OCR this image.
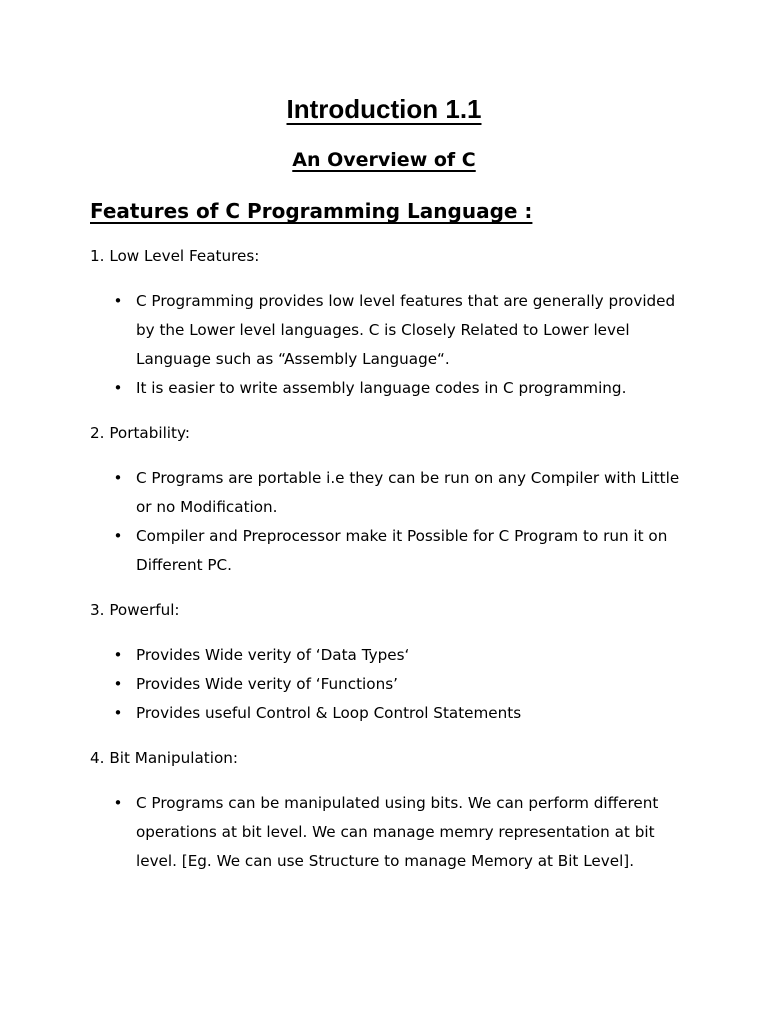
Introduction 1.1
An Overview of C
Features of C Programming Language :

1. Low Level Features:

• C Programming provides low level features that are generally provided by the Lower level languages. C is Closely Related to Lower level Language such as “Assembly Language“.
• It is easier to write assembly language codes in C programming.

2. Portability:

• C Programs are portable i.e they can be run on any Compiler with Little or no Modification.
• Compiler and Preprocessor make it Possible for C Program to run it on Different PC.

3. Powerful:

• Provides Wide verity of ‘Data Types‘
• Provides Wide verity of ‘Functions’
• Provides useful Control & Loop Control Statements

4. Bit Manipulation:

• C Programs can be manipulated using bits. We can perform different operations at bit level. We can manage memry representation at bit level. [Eg. We can use Structure to manage Memory at Bit Level].
